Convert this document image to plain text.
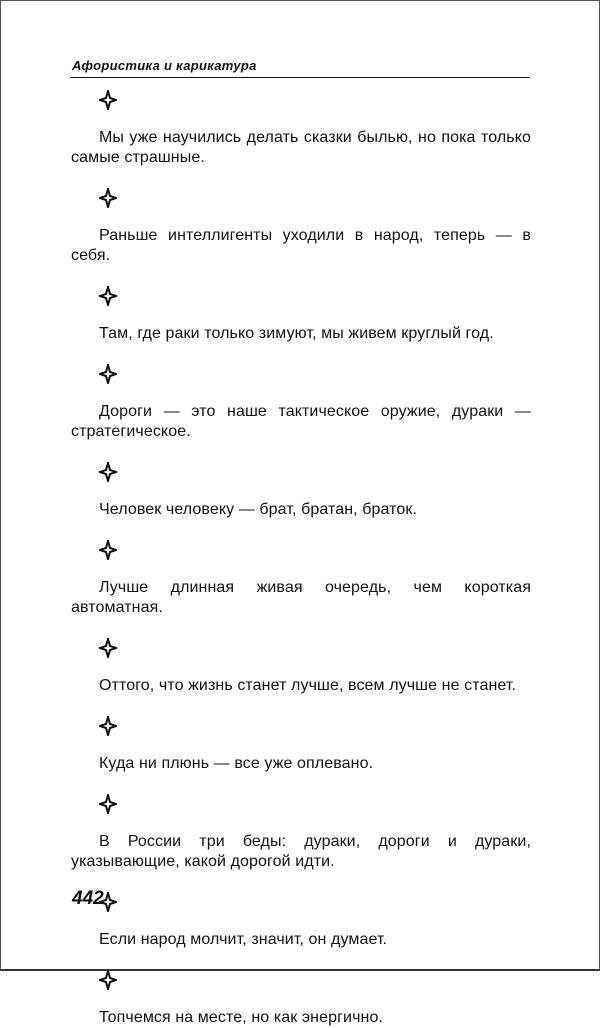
Афористика и карикатура

Мы уже научились делать сказки былью, но пока только самые страшные.

Раньше интеллигенты уходили в народ, теперь — в себя.

Там, где раки только зимуют, мы живем круглый год.

Дороги — это наше тактическое оружие, дураки — стратегическое.

Человек человеку — брат, братан, браток.

Лучше длинная живая очередь, чем короткая автоматная.

Оттого, что жизнь станет лучше, всем лучше не станет.

Куда ни плюнь — все уже оплевано.

В России три беды: дураки, дороги и дураки, указывающие, какой дорогой идти.

Если народ молчит, значит, он думает.

Топчемся на месте, но как энергично.

442
